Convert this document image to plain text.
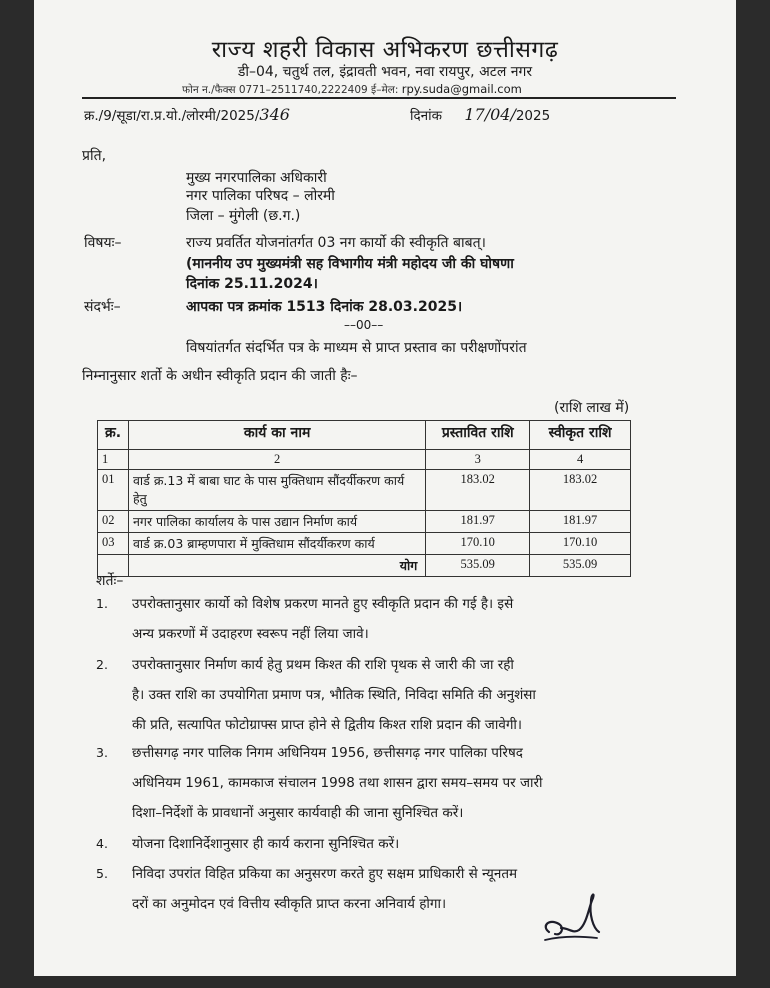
राज्य शहरी विकास अभिकरण छत्तीसगढ़
डी–04, चतुर्थ तल, इंद्रावती भवन, नवा रायपुर, अटल नगर
फोन न./फैक्स 0771–2511740,2222409 ई–मेल: rpy.suda@gmail.com
क्र./9/सूडा/रा.प्र.यो./लोरमी/2025/346	दिनांक 17/04/2025
प्रति,
मुख्य नगरपालिका अधिकारी
नगर पालिका परिषद – लोरमी
जिला – मुंगेली (छ.ग.)
विषयः–	राज्य प्रवर्तित योजनांतर्गत 03 नग कार्यो की स्वीकृति बाबत्।
(माननीय उप मुख्यमंत्री सह विभागीय मंत्री महोदय जी की घोषणा
दिनांक 25.11.2024।
संदर्भः–	आपका पत्र क्रमांक 1513 दिनांक 28.03.2025।
––00––
विषयांतर्गत संदर्भित पत्र के माध्यम से प्राप्त प्रस्ताव का परीक्षणोंपरांत
निम्नानुसार शर्तो के अधीन स्वीकृति प्रदान की जाती हैः–
(राशि लाख में)
क्र.	कार्य का नाम	प्रस्तावित राशि	स्वीकृत राशि
1	2	3	4
01	वार्ड क्र.13 में बाबा घाट के पास मुक्तिधाम सौंदर्यीकरण कार्य हेतु	183.02	183.02
02	नगर पालिका कार्यालय के पास उद्यान निर्माण कार्य	181.97	181.97
03	वार्ड क्र.03 ब्राम्हणपारा में मुक्तिधाम सौंदर्यीकरण कार्य	170.10	170.10
	योग	535.09	535.09
शर्तेः–
1. उपरोक्तानुसार कार्यो को विशेष प्रकरण मानते हुए स्वीकृति प्रदान की गई है। इसे
अन्य प्रकरणों में उदाहरण स्वरूप नहीं लिया जावे।
2. उपरोक्तानुसार निर्माण कार्य हेतु प्रथम किश्त की राशि पृथक से जारी की जा रही
है। उक्त राशि का उपयोगिता प्रमाण पत्र, भौतिक स्थिति, निविदा समिति की अनुशंसा
की प्रति, सत्यापित फोटोग्राफ्स प्राप्त होने से द्वितीय किश्त राशि प्रदान की जावेगी।
3. छत्तीसगढ़ नगर पालिक निगम अधिनियम 1956, छत्तीसगढ़ नगर पालिका परिषद
अधिनियम 1961, कामकाज संचालन 1998 तथा शासन द्वारा समय–समय पर जारी
दिशा–निर्देशों के प्रावधानों अनुसार कार्यवाही की जाना सुनिश्चित करें।
4. योजना दिशानिर्देशानुसार ही कार्य कराना सुनिश्चित करें।
5. निविदा उपरांत विहित प्रकिया का अनुसरण करते हुए सक्षम प्राधिकारी से न्यूनतम
दरों का अनुमोदन एवं वित्तीय स्वीकृति प्राप्त करना अनिवार्य होगा।
